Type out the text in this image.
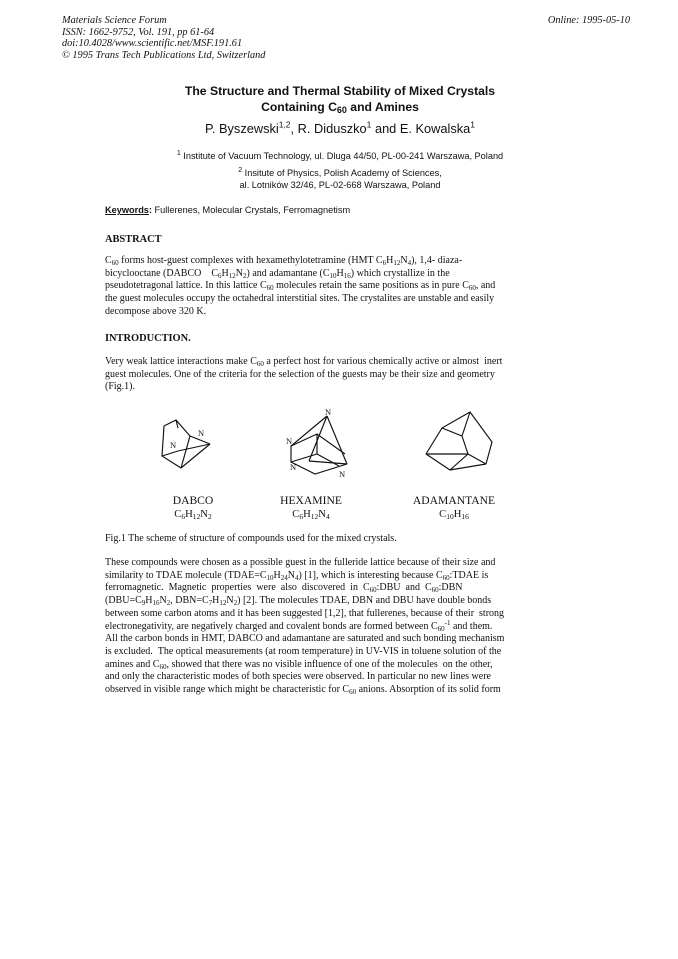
Materials Science Forum
ISSN: 1662-9752, Vol. 191, pp 61-64
doi:10.4028/www.scientific.net/MSF.191.61
© 1995 Trans Tech Publications Ltd, Switzerland
Online: 1995-05-10
The Structure and Thermal Stability of Mixed Crystals
Containing $C_{60}$ and Amines
P. Byszewski$^{1,2}$, R. Diduszko$^1$ and E. Kowalska$^1$
$^1$ Institute of Vacuum Technology, ul. Dluga 44/50, PL-00-241 Warszawa, Poland
$^2$ Insitute of Physics, Polish Academy of Sciences,
al. Lotników 32/46, PL-02-668 Warszawa, Poland
Keywords: Fullerenes, Molecular Crystals, Ferromagnetism
ABSTRACT
$C_{60}$ forms host-guest complexes with hexamethylotetramine (HMT $C_6H_{12}N_4$), 1,4- diaza-
bicyclooctane (DABCO    $C_6H_{12}N_2$) and adamantane $(C_{10}H_{16})$ which crystallize in the
pseudotetragonal lattice. In this lattice $C_{60}$ molecules retain the same positions as in pure $C_{60}$, and
the guest molecules occupy the octahedral interstitial sites. The crystalites are unstable and easily
decompose above 320 K.
INTRODUCTION.
Very weak lattice interactions make $C_{60}$ a perfect host for various chemically active or almost  inert
guest molecules. One of the criteria for the selection of the guests may be their size and geometry
(Fig.1).
N
N
N
N
N
N
DABCO
$C_6H_{12}N_2$
HEXAMINE
$C_6H_{12}N_4$
ADAMANTANE
$C_{10}H_{16}$
Fig.1 The scheme of structure of compounds used for the mixed crystals.
These compounds were chosen as a possible guest in the fulleride lattice because of their size and
similarity to TDAE molecule $(TDAE=C_{10}H_{24}N_4)$ [1], which is interesting because $C_{60}:TDAE$ is
ferromagnetic.  Magnetic  properties  were  also  discovered  in  $C_{60}:DBU$  and  $C_{60}:DBN$
($DBU=C_9H_{16}N_2$, $DBN=C_7H_{12}N_2$) [2]. The molecules TDAE, DBN and DBU have double bonds
between some carbon atoms and it has been suggested [1,2], that fullerenes, because of their  strong
electronegativity, are negatively charged and covalent bonds are formed between $C_{60}^{-1}$ and them.
All the carbon bonds in HMT, DABCO and adamantane are saturated and such bonding mechanism
is excluded.  The optical measurements (at room temperature) in UV-VIS in toluene solution of the
amines and $C_{60}$, showed that there was no visible influence of one of the molecules  on the other,
and only the characteristic modes of both species were observed. In particular no new lines were
observed in visible range which might be characteristic for $C_{60}$ anions. Absorption of its solid form
